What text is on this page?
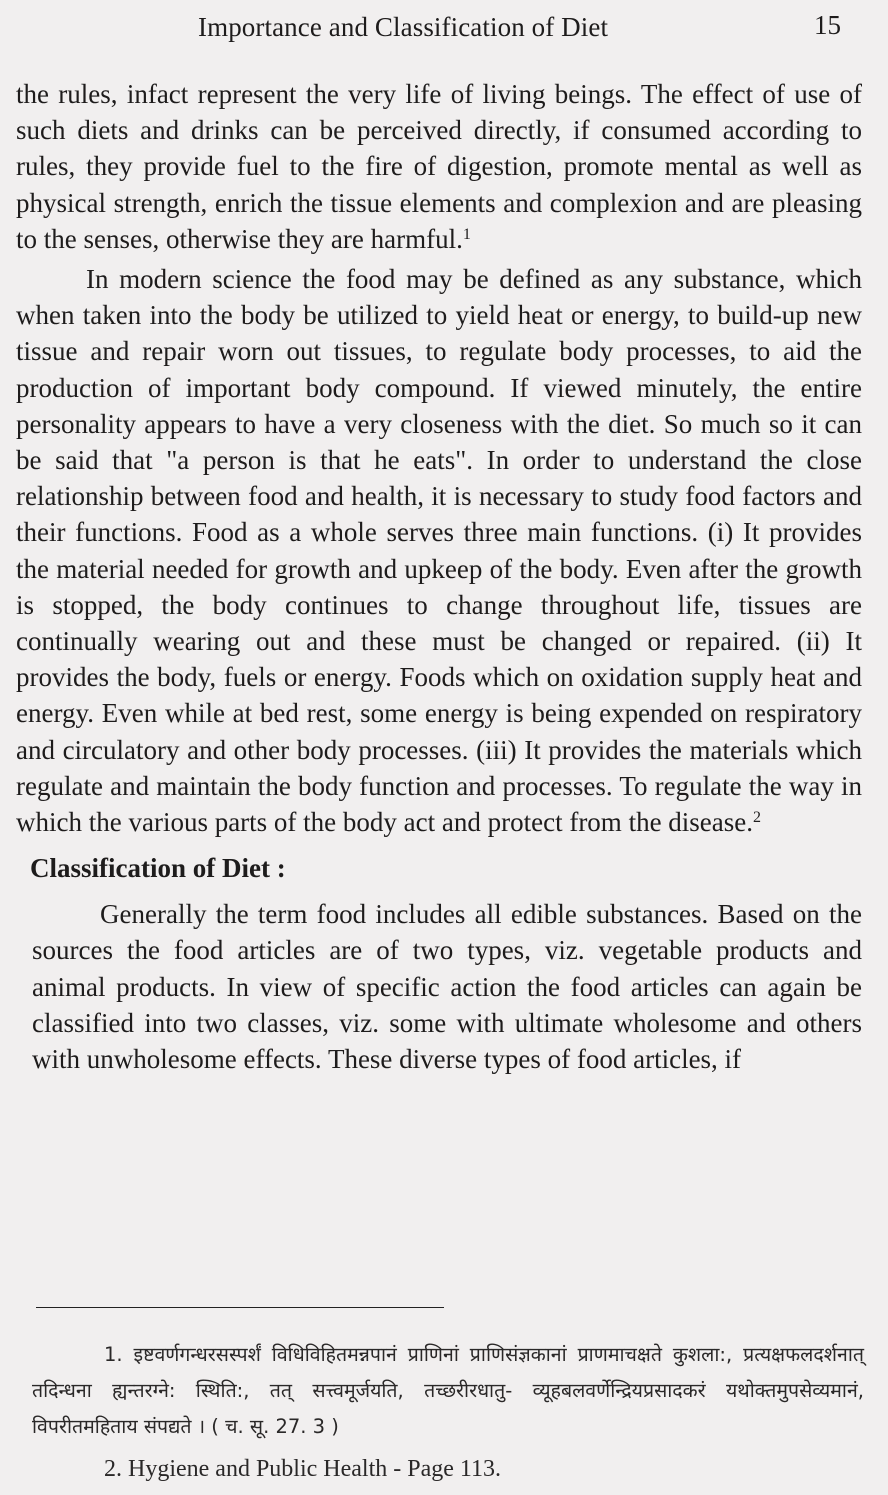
Importance and Classification of Diet	15

the rules, infact represent the very life of living beings. The effect of use of such diets and drinks can be perceived directly, if consumed according to rules, they provide fuel to the fire of digestion, promote mental as well as physical strength, enrich the tissue elements and complexion and are pleasing to the senses, otherwise they are harmful.$^1$

In modern science the food may be defined as any substance, which when taken into the body be utilized to yield heat or energy, to build-up new tissue and repair worn out tissues, to regulate body processes, to aid the production of important body compound. If viewed minutely, the entire personality appears to have a very closeness with the diet. So much so it can be said that "a person is that he eats". In order to understand the close relationship between food and health, it is necessary to study food factors and their functions. Food as a whole serves three main functions. (i) It provides the material needed for growth and upkeep of the body. Even after the growth is stopped, the body continues to change throughout life, tissues are continually wearing out and these must be changed or repaired. (ii) It provides the body, fuels or energy. Foods which on oxidation supply heat and energy. Even while at bed rest, some energy is being expended on respiratory and circulatory and other body processes. (iii) It provides the materials which regulate and maintain the body function and processes. To regulate the way in which the various parts of the body act and protect from the disease.$^2$

Classification of Diet :

Generally the term food includes all edible substances. Based on the sources the food articles are of two types, viz. vegetable products and animal products. In view of specific action the food articles can again be classified into two classes, viz. some with ultimate wholesome and others with unwholesome effects. These diverse types of food articles, if

1. इष्टवर्णगन्धरसस्पर्शं विधिविहितमन्नपानं प्राणिनां प्राणिसंज्ञकानां प्राणमाचक्षते कुशला:, प्रत्यक्षफलदर्शनात् तदिन्धना ह्यन्तरग्ने: स्थिति:, तत् सत्त्वमूर्जयति, तच्छरीरधातु- व्यूहबलवर्णेन्द्रियप्रसादकरं यथोक्तमुपसेव्यमानं, विपरीतमहिताय संपद्यते । ( च. सू. 27. 3 )

2. Hygiene and Public Health - Page 113.
